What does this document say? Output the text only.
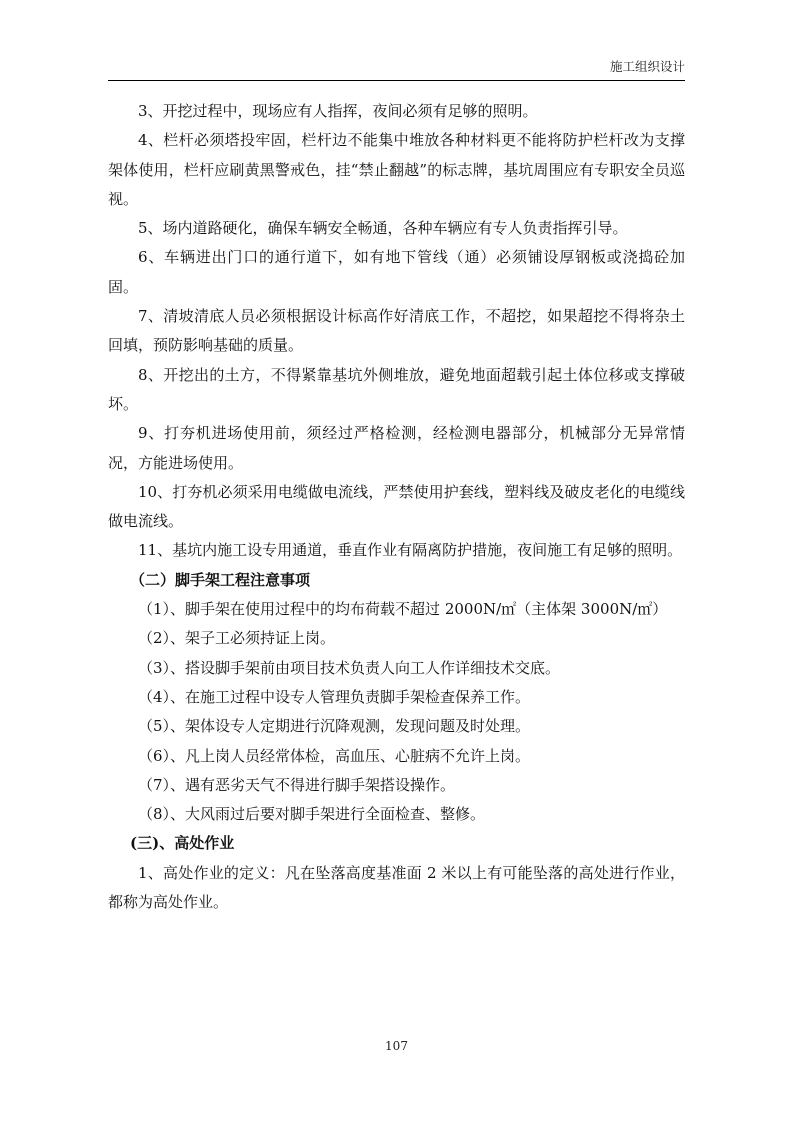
施工组织设计

3、开挖过程中，现场应有人指挥，夜间必须有足够的照明。

4、栏杆必须塔投牢固，栏杆边不能集中堆放各种材料更不能将防护栏杆改为支撑架体使用，栏杆应刷黄黑警戒色，挂“禁止翻越”的标志牌，基坑周围应有专职安全员巡视。

5、场内道路硬化，确保车辆安全畅通，各种车辆应有专人负责指挥引导。

6、车辆进出门口的通行道下，如有地下管线（通）必须铺设厚钢板或浇捣砼加固。

7、清坡清底人员必须根据设计标高作好清底工作，不超挖，如果超挖不得将杂土回填，预防影响基础的质量。

8、开挖出的土方，不得紧靠基坑外侧堆放，避免地面超载引起土体位移或支撑破坏。

9、打夯机进场使用前，须经过严格检测，经检测电器部分，机械部分无异常情况，方能进场使用。

10、打夯机必须采用电缆做电流线，严禁使用护套线，塑料线及破皮老化的电缆线做电流线。

11、基坑内施工设专用通道，垂直作业有隔离防护措施，夜间施工有足够的照明。

（二）脚手架工程注意事项

（1）、脚手架在使用过程中的均布荷载不超过 2000N/㎡（主体架 3000N/㎡）

（2）、架子工必须持证上岗。

（3）、搭设脚手架前由项目技术负责人向工人作详细技术交底。

（4）、在施工过程中设专人管理负责脚手架检查保养工作。

（5）、架体设专人定期进行沉降观测，发现问题及时处理。

（6）、凡上岗人员经常体检，高血压、心脏病不允许上岗。

（7）、遇有恶劣天气不得进行脚手架搭设操作。

（8）、大风雨过后要对脚手架进行全面检查、整修。

(三)、高处作业

1、高处作业的定义：凡在坠落高度基准面 2 米以上有可能坠落的高处进行作业，都称为高处作业。

107
